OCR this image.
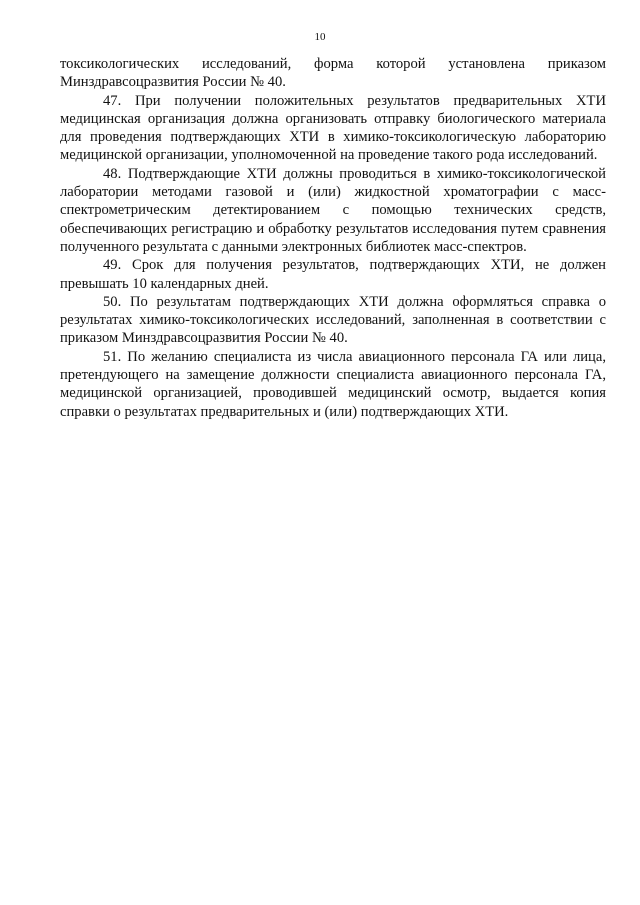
10

токсикологических исследований, форма которой установлена приказом Минздравсоцразвития России № 40.

47. При получении положительных результатов предварительных ХТИ медицинская организация должна организовать отправку биологического материала для проведения подтверждающих ХТИ в химико-токсикологическую лабораторию медицинской организации, уполномоченной на проведение такого рода исследований.

48. Подтверждающие ХТИ должны проводиться в химико-токсикологической лаборатории методами газовой и (или) жидкостной хроматографии с масс-спектрометрическим детектированием с помощью технических средств, обеспечивающих регистрацию и обработку результатов исследования путем сравнения полученного результата с данными электронных библиотек масс-спектров.

49. Срок для получения результатов, подтверждающих ХТИ, не должен превышать 10 календарных дней.

50. По результатам подтверждающих ХТИ должна оформляться справка о результатах химико-токсикологических исследований, заполненная в соответствии с приказом Минздравсоцразвития России № 40.

51. По желанию специалиста из числа авиационного персонала ГА или лица, претендующего на замещение должности специалиста авиационного персонала ГА, медицинской организацией, проводившей медицинский осмотр, выдается копия справки о результатах предварительных и (или) подтверждающих ХТИ.
